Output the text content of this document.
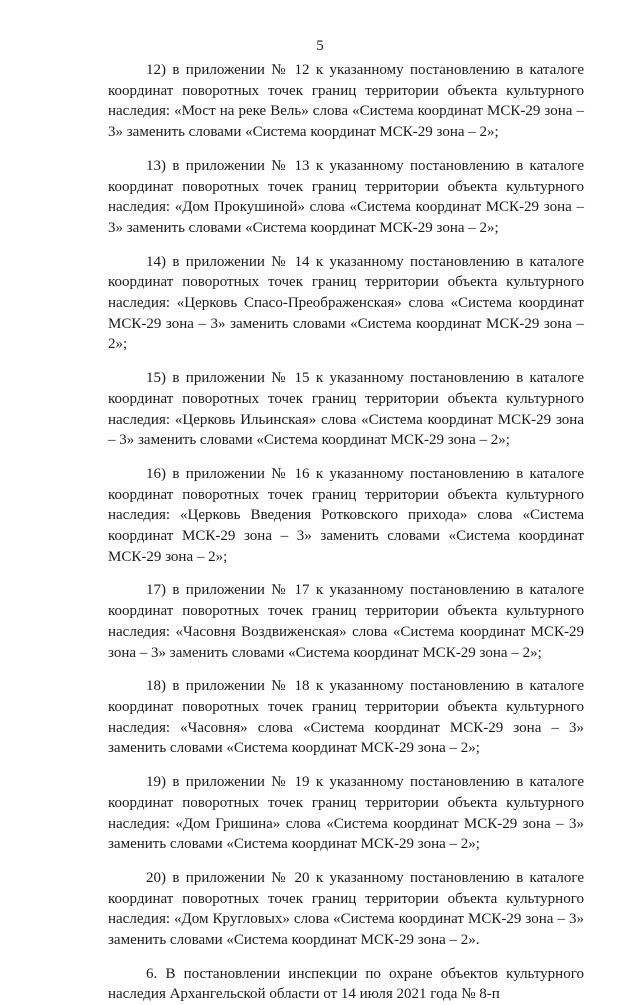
5

12) в приложении № 12 к указанному постановлению в каталоге координат поворотных точек границ территории объекта культурного наследия: «Мост на реке Вель» слова «Система координат МСК-29 зона – 3» заменить словами «Система координат МСК-29 зона – 2»;

13) в приложении № 13 к указанному постановлению в каталоге координат поворотных точек границ территории объекта культурного наследия: «Дом Прокушиной» слова «Система координат МСК-29 зона – 3» заменить словами «Система координат МСК-29 зона – 2»;

14) в приложении № 14 к указанному постановлению в каталоге координат поворотных точек границ территории объекта культурного наследия: «Церковь Спасо-Преображенская» слова «Система координат МСК-29 зона – 3» заменить словами «Система координат МСК-29 зона – 2»;

15) в приложении № 15 к указанному постановлению в каталоге координат поворотных точек границ территории объекта культурного наследия: «Церковь Ильинская» слова «Система координат МСК-29 зона – 3» заменить словами «Система координат МСК-29 зона – 2»;

16) в приложении № 16 к указанному постановлению в каталоге координат поворотных точек границ территории объекта культурного наследия: «Церковь Введения Ротковского прихода» слова «Система координат МСК-29 зона – 3» заменить словами «Система координат МСК-29 зона – 2»;

17) в приложении № 17 к указанному постановлению в каталоге координат поворотных точек границ территории объекта культурного наследия: «Часовня Воздвиженская» слова «Система координат МСК-29 зона – 3» заменить словами «Система координат МСК-29 зона – 2»;

18) в приложении № 18 к указанному постановлению в каталоге координат поворотных точек границ территории объекта культурного наследия: «Часовня» слова «Система координат МСК-29 зона – 3» заменить словами «Система координат МСК-29 зона – 2»;

19) в приложении № 19 к указанному постановлению в каталоге координат поворотных точек границ территории объекта культурного наследия: «Дом Гришина» слова «Система координат МСК-29 зона – 3» заменить словами «Система координат МСК-29 зона – 2»;

20) в приложении № 20 к указанному постановлению в каталоге координат поворотных точек границ территории объекта культурного наследия: «Дом Кругловых» слова «Система координат МСК-29 зона – 3» заменить словами «Система координат МСК-29 зона – 2».

6. В постановлении инспекции по охране объектов культурного наследия Архангельской области от 14 июля 2021 года № 8-п
